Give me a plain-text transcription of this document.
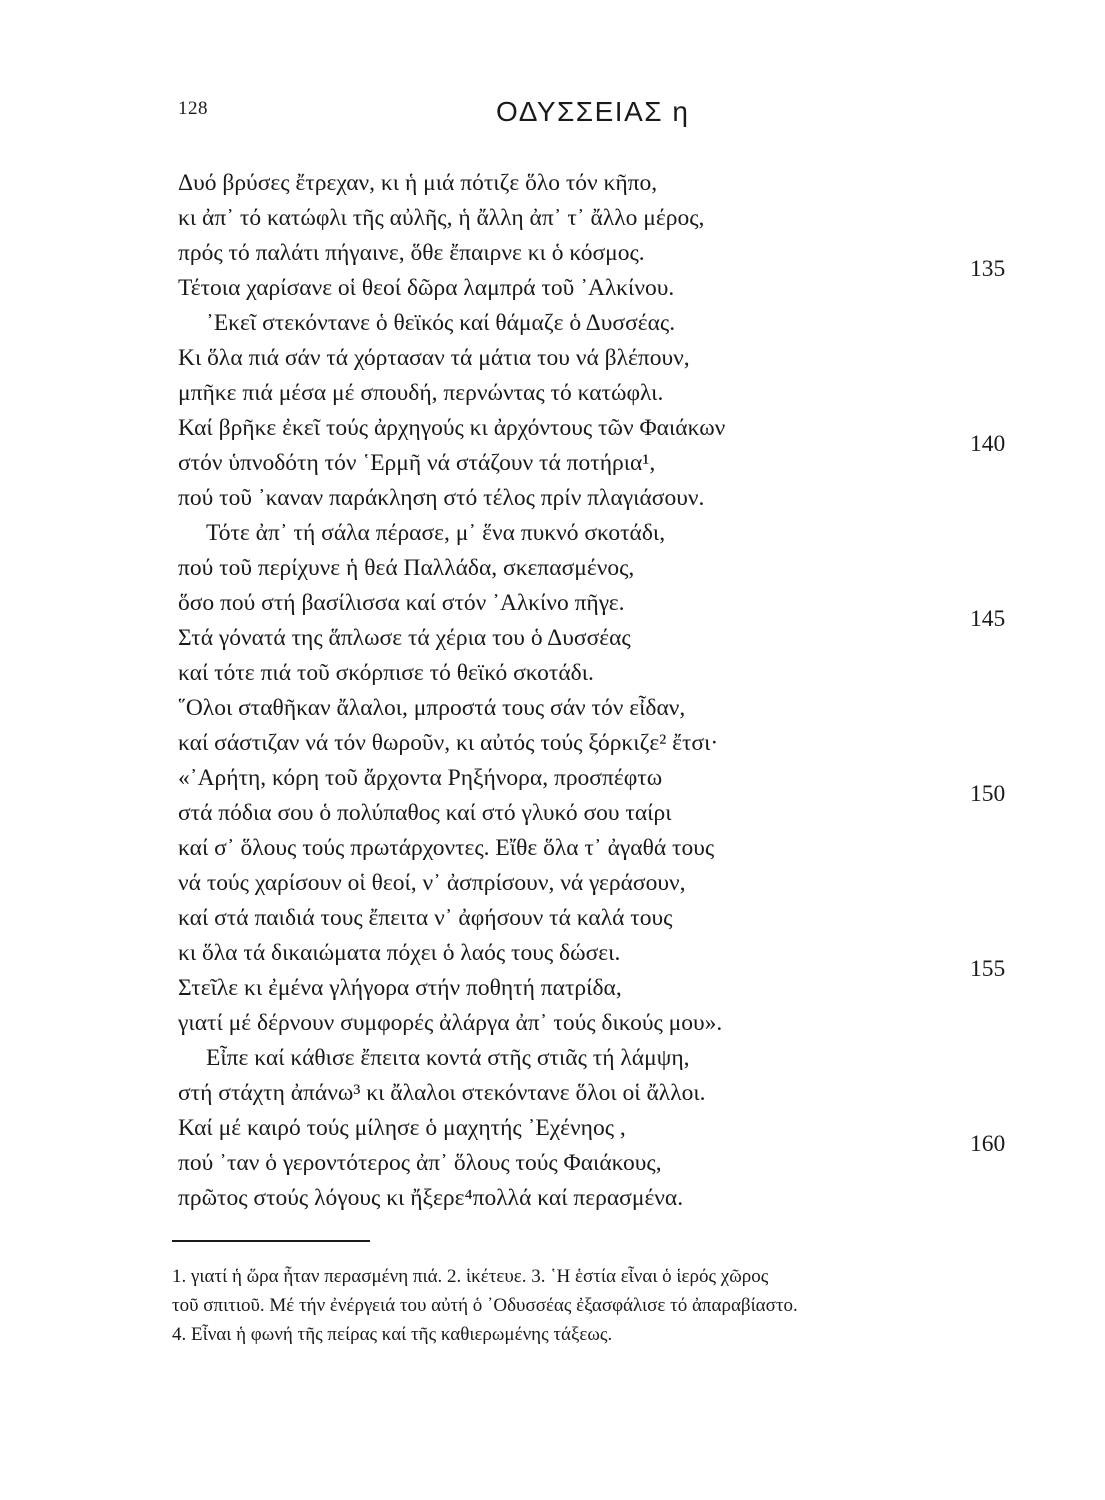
128	ΟΔΥΣΣΕΙΑΣ η
Δυό βρύσες ἔτρεχαν, κι ἡ μιά πότιζε ὅλο τόν κῆπο,
κι ἀπ᾿ τό κατώφλι τῆς αὐλῆς, ἡ ἄλλη ἀπ᾿ τ᾿ ἄλλο μέρος,
πρός τό παλάτι πήγαινε, ὅθε ἔπαιρνε κι ὁ κόσμος.
Τέτοια χαρίσανε οἱ θεοί δῶρα λαμπρά τοῦ ᾿Αλκίνου.
᾿Εκεῖ στεκόντανε ὁ θεϊκός καί θάμαζε ὁ Δυσσέας.
Κι ὅλα πιά σάν τά χόρτασαν τά μάτια του νά βλέπουν,
μπῆκε πιά μέσα μέ σπουδή, περνώντας τό κατώφλι.
Καί βρῆκε ἐκεῖ τούς ἀρχηγούς κι ἀρχόντους τῶν Φαιάκων
στόν ὑπνοδότη τόν ῾Ερμῆ νά στάζουν τά ποτήρια¹,
πού τοῦ ᾿καναν παράκληση στό τέλος πρίν πλαγιάσουν.
Τότε ἀπ᾿ τή σάλα πέρασε, μ᾿ ἕνα πυκνό σκοτάδι,
πού τοῦ περίχυνε ἡ θεά Παλλάδα, σκεπασμένος,
ὅσο πού στή βασίλισσα καί στόν ᾿Αλκίνο πῆγε.
Στά γόνατά της ἅπλωσε τά χέρια του ὁ Δυσσέας
καί τότε πιά τοῦ σκόρπισε τό θεϊκό σκοτάδι.
῞Ολοι σταθῆκαν ἄλαλοι, μπροστά τους σάν τόν εἶδαν,
καί σάστιζαν νά τόν θωροῦν, κι αὐτός τούς ξόρκιζε² ἔτσι·
«᾿Αρήτη, κόρη τοῦ ἄρχοντα Ρηξήνορα, προσπέφτω
στά πόδια σου ὁ πολύπαθος καί στό γλυκό σου ταίρι
καί σ᾿ ὅλους τούς πρωτάρχοντες. Εἴθε ὅλα τ᾿ ἀγαθά τους
νά τούς χαρίσουν οἱ θεοί, ν᾿ ἀσπρίσουν, νά γεράσουν,
καί στά παιδιά τους ἔπειτα ν᾿ ἀφήσουν τά καλά τους
κι ὅλα τά δικαιώματα πόχει ὁ λαός τους δώσει.
Στεῖλε κι ἐμένα γλήγορα στήν ποθητή πατρίδα,
γιατί μέ δέρνουν συμφορές ἀλάργα ἀπ᾿ τούς δικούς μου».
Εἶπε καί κάθισε ἔπειτα κοντά στῆς στιᾶς τή λάμψη,
στή στάχτη ἀπάνω³ κι ἄλαλοι στεκόντανε ὅλοι οἱ ἄλλοι.
Καί μέ καιρό τούς μίλησε ὁ μαχητής ᾿Εχένηος ,
πού ᾿ταν ὁ γεροντότερος ἀπ᾿ ὅλους τούς Φαιάκους,
πρῶτος στούς λόγους κι ἤξερε⁴πολλά καί περασμένα.
135
140
145
150
155
160
1. γιατί ἡ ὥρα ἦταν περασμένη πιά. 2. ἱκέτευε. 3. ῾Η ἑστία εἶναι ὁ ἱερός χῶρος
τοῦ σπιτιοῦ. Μέ τήν ἐνέργειά του αὐτή ὁ ᾿Οδυσσέας ἐξασφάλισε τό ἀπαραβίαστο.
4. Εἶναι ἡ φωνή τῆς πείρας καί τῆς καθιερωμένης τάξεως.
